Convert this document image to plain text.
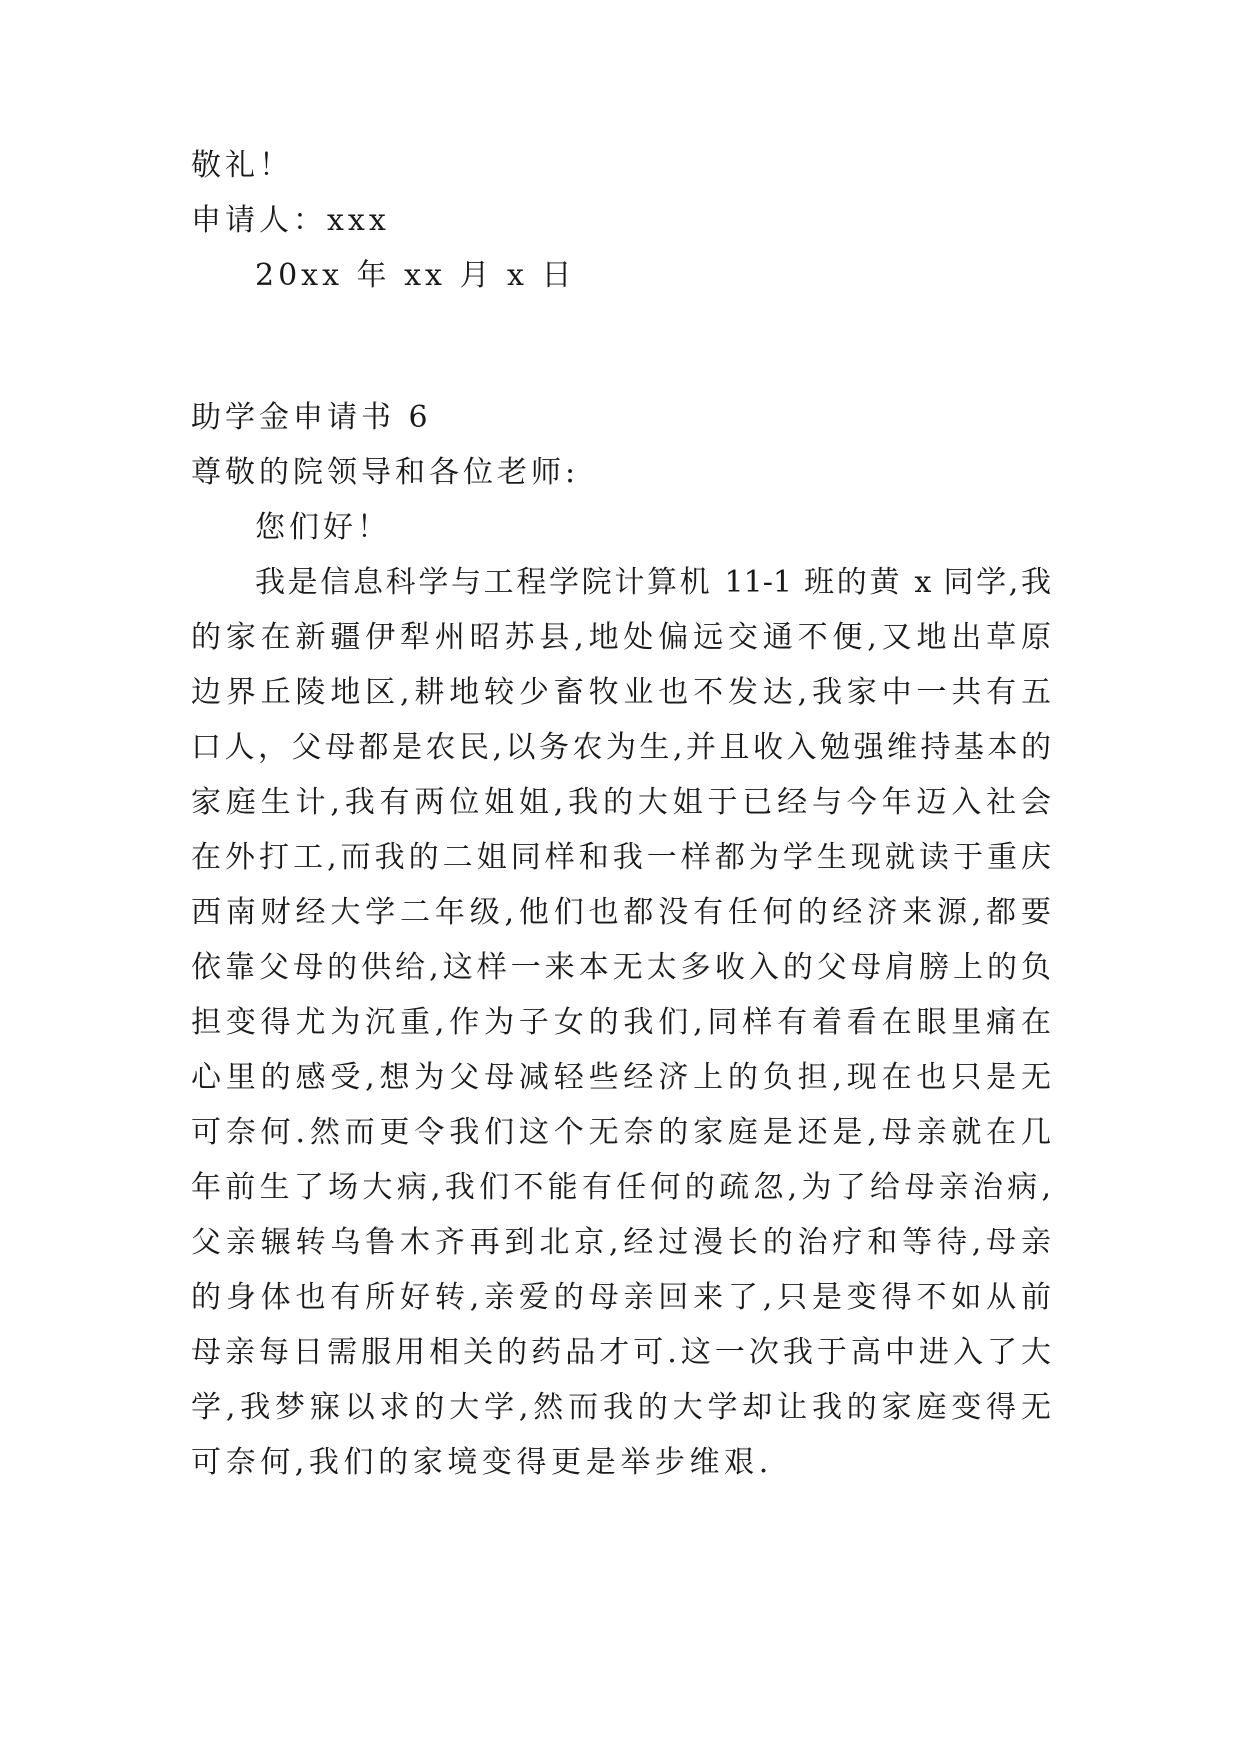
敬礼！
申请人：xxx
20xx 年 xx 月 x 日
助学金申请书 6
尊敬的院领导和各位老师:
您们好！
我是信息科学与工程学院计算机 11-1 班的黄 x 同学,我
的家在新疆伊犁州昭苏县,地处偏远交通不便,又地出草原
边界丘陵地区,耕地较少畜牧业也不发达,我家中一共有五
口人，父母都是农民,以务农为生,并且收入勉强维持基本的
家庭生计,我有两位姐姐,我的大姐于已经与今年迈入社会
在外打工,而我的二姐同样和我一样都为学生现就读于重庆
西南财经大学二年级,他们也都没有任何的经济来源,都要
依靠父母的供给,这样一来本无太多收入的父母肩膀上的负
担变得尤为沉重,作为子女的我们,同样有着看在眼里痛在
心里的感受,想为父母减轻些经济上的负担,现在也只是无
可奈何.然而更令我们这个无奈的家庭是还是,母亲就在几
年前生了场大病,我们不能有任何的疏忽,为了给母亲治病,
父亲辗转乌鲁木齐再到北京,经过漫长的治疗和等待,母亲
的身体也有所好转,亲爱的母亲回来了,只是变得不如从前
母亲每日需服用相关的药品才可.这一次我于高中进入了大
学,我梦寐以求的大学,然而我的大学却让我的家庭变得无
可奈何,我们的家境变得更是举步维艰.
